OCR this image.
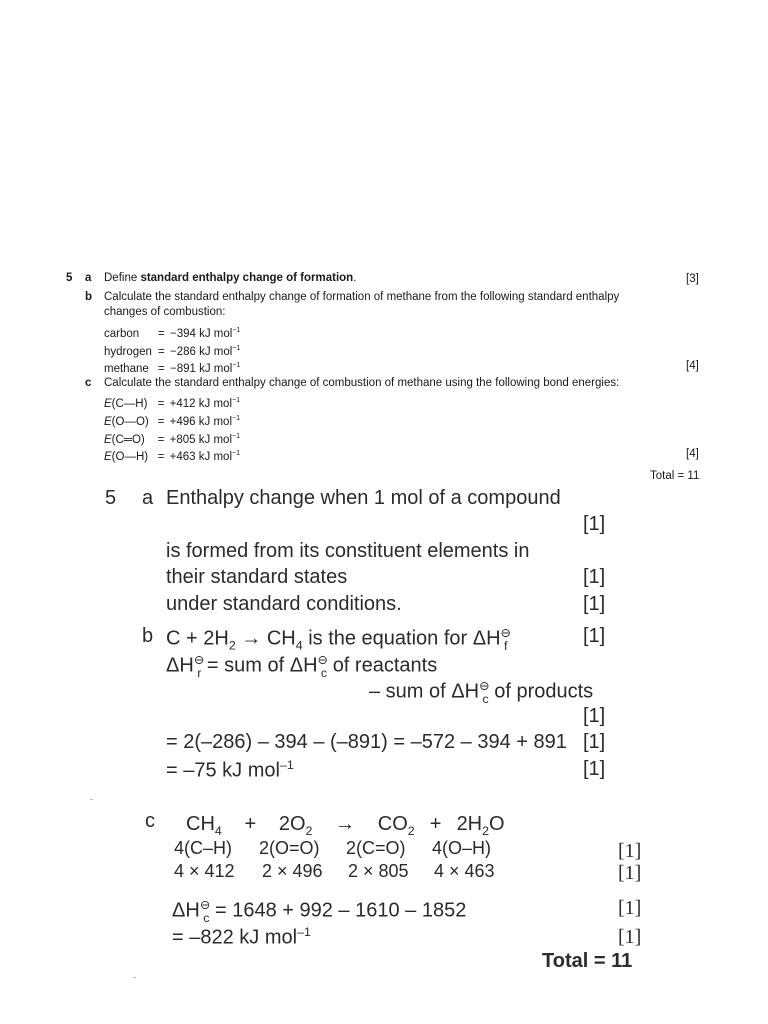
5 a Define standard enthalpy change of formation.	[3]
b Calculate the standard enthalpy change of formation of methane from the following standard enthalpy
changes of combustion:
carbon = −394 kJ mol$^{-1}$
hydrogen = −286 kJ mol$^{-1}$
methane = −891 kJ mol$^{-1}$	[4]
c Calculate the standard enthalpy change of combustion of methane using the following bond energies:
E(C—H) = +412 kJ mol$^{-1}$
E(O—O) = +496 kJ mol$^{-1}$
E(C═O) = +805 kJ mol$^{-1}$
E(O—H) = +463 kJ mol$^{-1}$	[4]
Total = 11
5 a Enthalpy change when 1 mol of a compound
[1]
is formed from its constituent elements in
their standard states	[1]
under standard conditions.	[1]
b $C + 2H_2 \to CH_4$ is the equation for $\Delta H^⊖_f$	[1]
$\Delta H^⊖_r$ = sum of $\Delta H^⊖_c$ of reactants
– sum of $\Delta H^⊖_c$ of products
[1]
= 2(–286) – 394 – (–891) = –572 – 394 + 891 [1]
= –75 kJ mol$^{-1}$	[1]
c $CH_4 + 2O_2 \to CO_2 + 2H_2O$
4(C–H) 2(O=O) 2(C=O) 4(O–H)	[1]
4 × 412 2 × 496 2 × 805 4 × 463	[1]
$\Delta H^⊖_c = 1648 + 992 - 1610 - 1852$	[1]
= –822 kJ mol$^{-1}$	[1]
Total = 11
